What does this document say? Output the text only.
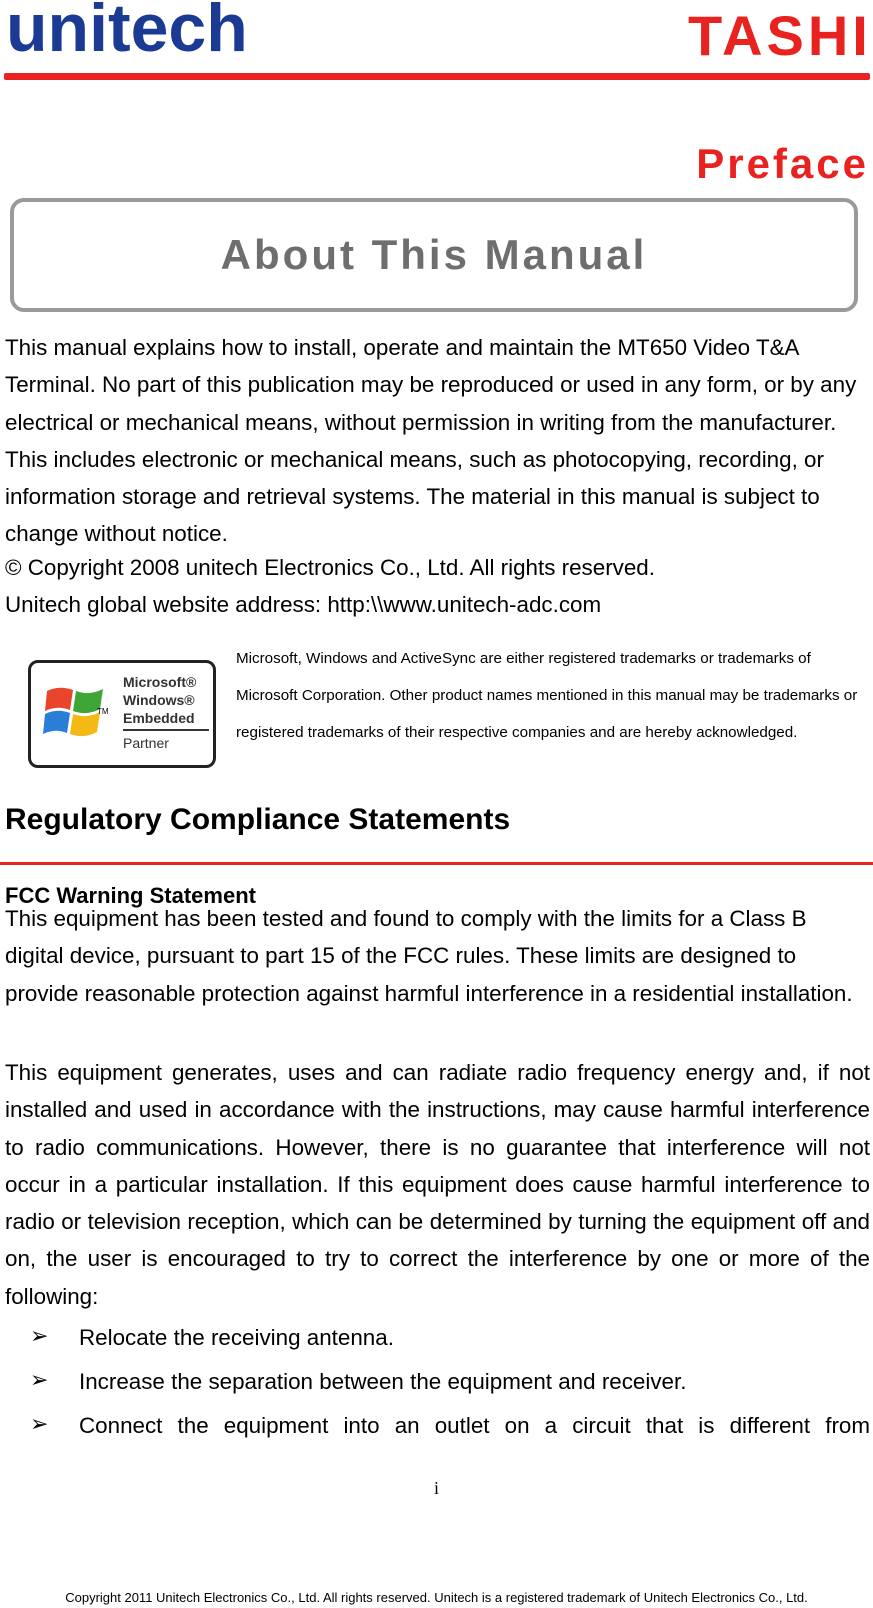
unitech	TASHI
Preface
About This Manual
This manual explains how to install, operate and maintain the MT650 Video T&A Terminal. No part of this publication may be reproduced or used in any form, or by any electrical or mechanical means, without permission in writing from the manufacturer. This includes electronic or mechanical means, such as photocopying, recording, or information storage and retrieval systems. The material in this manual is subject to change without notice.
© Copyright 2008 unitech Electronics Co., Ltd. All rights reserved.
Unitech global website address: http:\\www.unitech-adc.com
Microsoft®
Windows®
Embedded
TM
Partner
Microsoft, Windows and ActiveSync are either registered trademarks or trademarks of Microsoft Corporation. Other product names mentioned in this manual may be trademarks or registered trademarks of their respective companies and are hereby acknowledged.
Regulatory Compliance Statements
FCC Warning Statement
This equipment has been tested and found to comply with the limits for a Class B digital device, pursuant to part 15 of the FCC rules. These limits are designed to provide reasonable protection against harmful interference in a residential installation.
This equipment generates, uses and can radiate radio frequency energy and, if not installed and used in accordance with the instructions, may cause harmful interference to radio communications. However, there is no guarantee that interference will not occur in a particular installation. If this equipment does cause harmful interference to radio or television reception, which can be determined by turning the equipment off and on, the user is encouraged to try to correct the interference by one or more of the following:
➢ Relocate the receiving antenna.
➢ Increase the separation between the equipment and receiver.
➢ Connect the equipment into an outlet on a circuit that is different from
i
Copyright 2011 Unitech Electronics Co., Ltd. All rights reserved. Unitech is a registered trademark of Unitech Electronics Co., Ltd.
